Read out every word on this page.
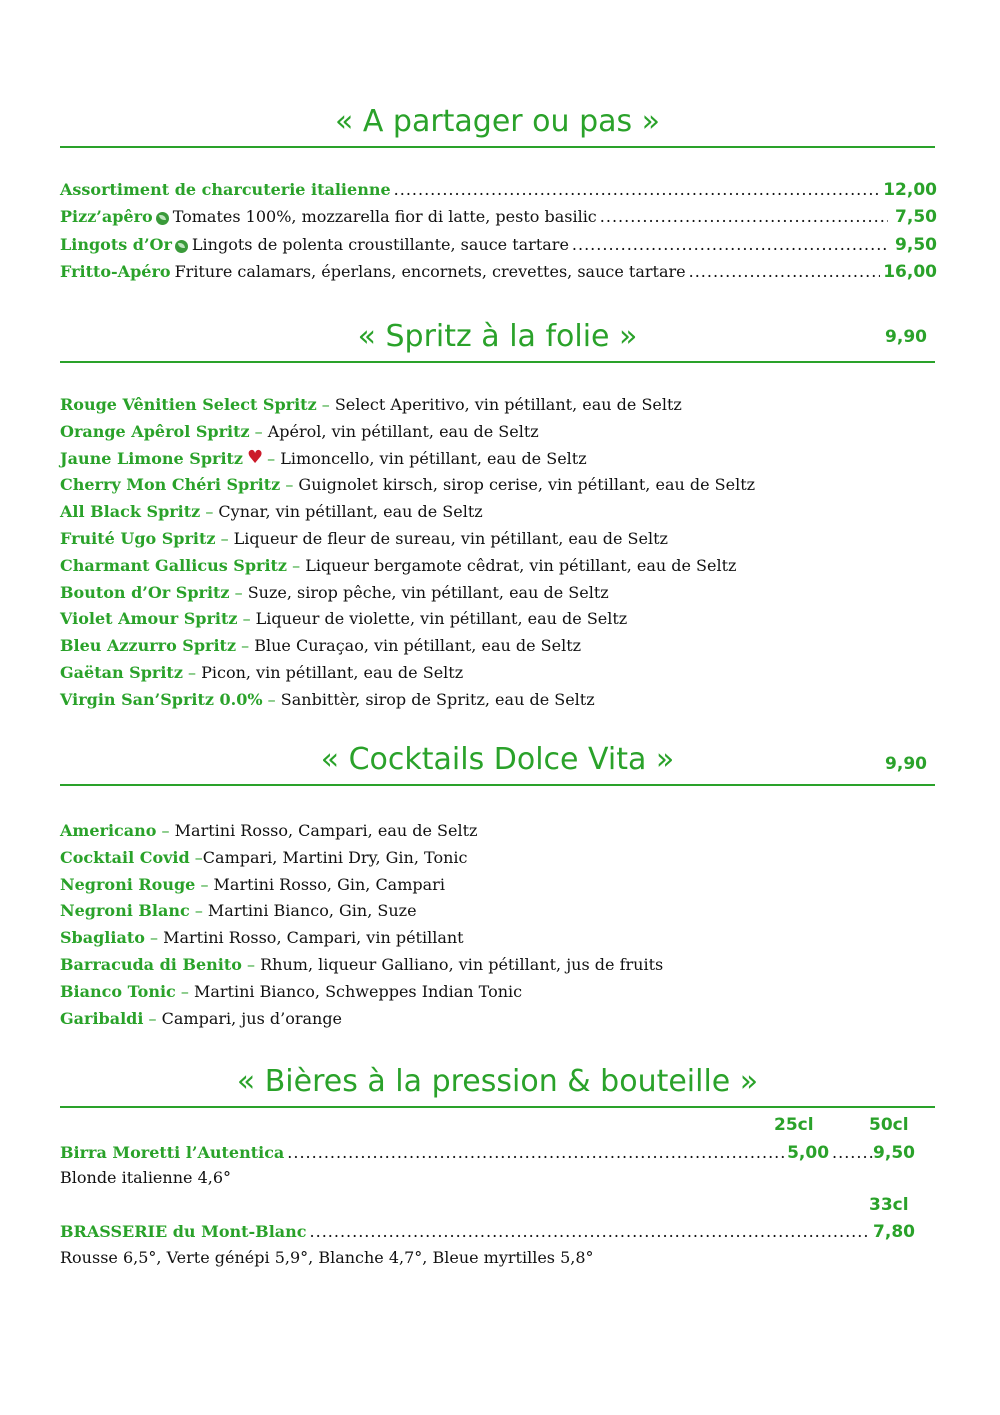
« A partager ou pas »
Assortiment de charcuterie italienne .....	12,00
Pizz’apêro Tomates 100%, mozzarella fior di latte, pesto basilic .....	7,50
Lingots d’Or Lingots de polenta croustillante, sauce tartare .....	9,50
Fritto-Apéro Friture calamars, éperlans, encornets, crevettes, sauce tartare .....	16,00
« Spritz à la folie »	9,90
Rouge Vênitien Select Spritz – Select Aperitivo, vin pétillant, eau de Seltz
Orange Apêrol Spritz – Apérol, vin pétillant, eau de Seltz
Jaune Limone Spritz ♥ – Limoncello, vin pétillant, eau de Seltz
Cherry Mon Chéri Spritz – Guignolet kirsch, sirop cerise, vin pétillant, eau de Seltz
All Black Spritz – Cynar, vin pétillant, eau de Seltz
Fruité Ugo Spritz – Liqueur de fleur de sureau, vin pétillant, eau de Seltz
Charmant Gallicus Spritz – Liqueur bergamote cêdrat, vin pétillant, eau de Seltz
Bouton d’Or Spritz – Suze, sirop pêche, vin pétillant, eau de Seltz
Violet Amour Spritz – Liqueur de violette, vin pétillant, eau de Seltz
Bleu Azzurro Spritz – Blue Curaçao, vin pétillant, eau de Seltz
Gaëtan Spritz – Picon, vin pétillant, eau de Seltz
Virgin San’Spritz 0.0% – Sanbittèr, sirop de Spritz, eau de Seltz
« Cocktails Dolce Vita »	9,90
Americano – Martini Rosso, Campari, eau de Seltz
Cocktail Covid –Campari, Martini Dry, Gin, Tonic
Negroni Rouge – Martini Rosso, Gin, Campari
Negroni Blanc – Martini Bianco, Gin, Suze
Sbagliato – Martini Rosso, Campari, vin pétillant
Barracuda di Benito – Rhum, liqueur Galliano, vin pétillant, jus de fruits
Bianco Tonic – Martini Bianco, Schweppes Indian Tonic
Garibaldi – Campari, jus d’orange
« Bières à la pression & bouteille »
25cl	50cl
Birra Moretti l’Autentica .....	5,00 .....	9,50
Blonde italienne 4,6°
33cl
BRASSERIE du Mont-Blanc .....	7,80
Rousse 6,5°, Verte génépi 5,9°, Blanche 4,7°, Bleue myrtilles 5,8°
